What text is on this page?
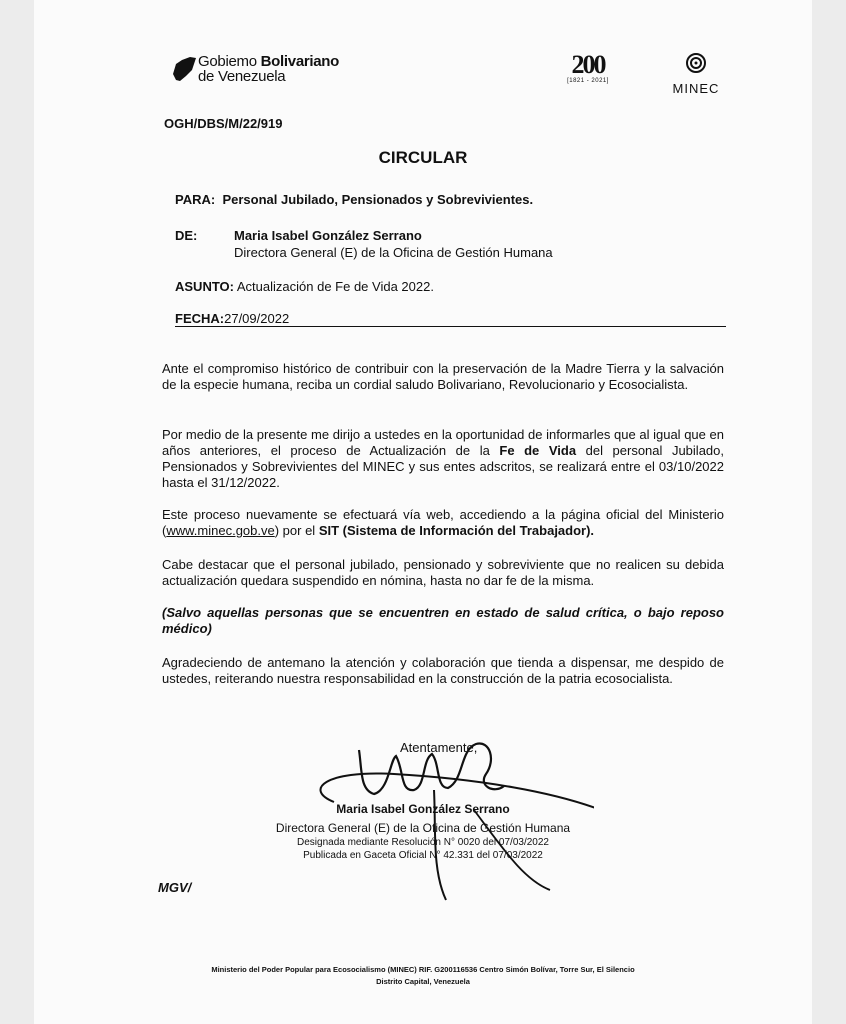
Gobiemo Bolivariano
de Venezuela	200
[1821 - 2021]	MINEC
OGH/DBS/M/22/919
CIRCULAR
PARA: Personal Jubilado, Pensionados y Sobrevivientes.
DE:	Maria Isabel González Serrano
Directora General (E) de la Oficina de Gestión Humana
ASUNTO: Actualización de Fe de Vida 2022.
FECHA:27/09/2022
Ante el compromiso histórico de contribuir con la preservación de la Madre Tierra y la salvación de la especie humana, reciba un cordial saludo Bolivariano, Revolucionario y Ecosocialista.
Por medio de la presente me dirijo a ustedes en la oportunidad de informarles que al igual que en años anteriores, el proceso de Actualización de la Fe de Vida del personal Jubilado, Pensionados y Sobrevivientes del MINEC y sus entes adscritos, se realizará entre el 03/10/2022 hasta el 31/12/2022.
Este proceso nuevamente se efectuará vía web, accediendo a la página oficial del Ministerio (www.minec.gob.ve) por el SIT (Sistema de Información del Trabajador).
Cabe destacar que el personal jubilado, pensionado y sobreviviente que no realicen su debida actualización quedara suspendido en nómina, hasta no dar fe de la misma.
(Salvo aquellas personas que se encuentren en estado de salud crítica, o bajo reposo médico)
Agradeciendo de antemano la atención y colaboración que tienda a dispensar, me despido de ustedes, reiterando nuestra responsabilidad en la construcción de la patria ecosocialista.
Atentamente,
Maria Isabel González Serrano
Directora General (E) de la Oficina de Gestión Humana
Designada mediante Resolución N° 0020 del 07/03/2022
Publicada en Gaceta Oficial N° 42.331 del 07/03/2022
MGV/
Ministerio del Poder Popular para Ecosocialismo (MINEC) RIF. G200116536 Centro Simón Bolívar, Torre Sur, El Silencio
Distrito Capital, Venezuela
